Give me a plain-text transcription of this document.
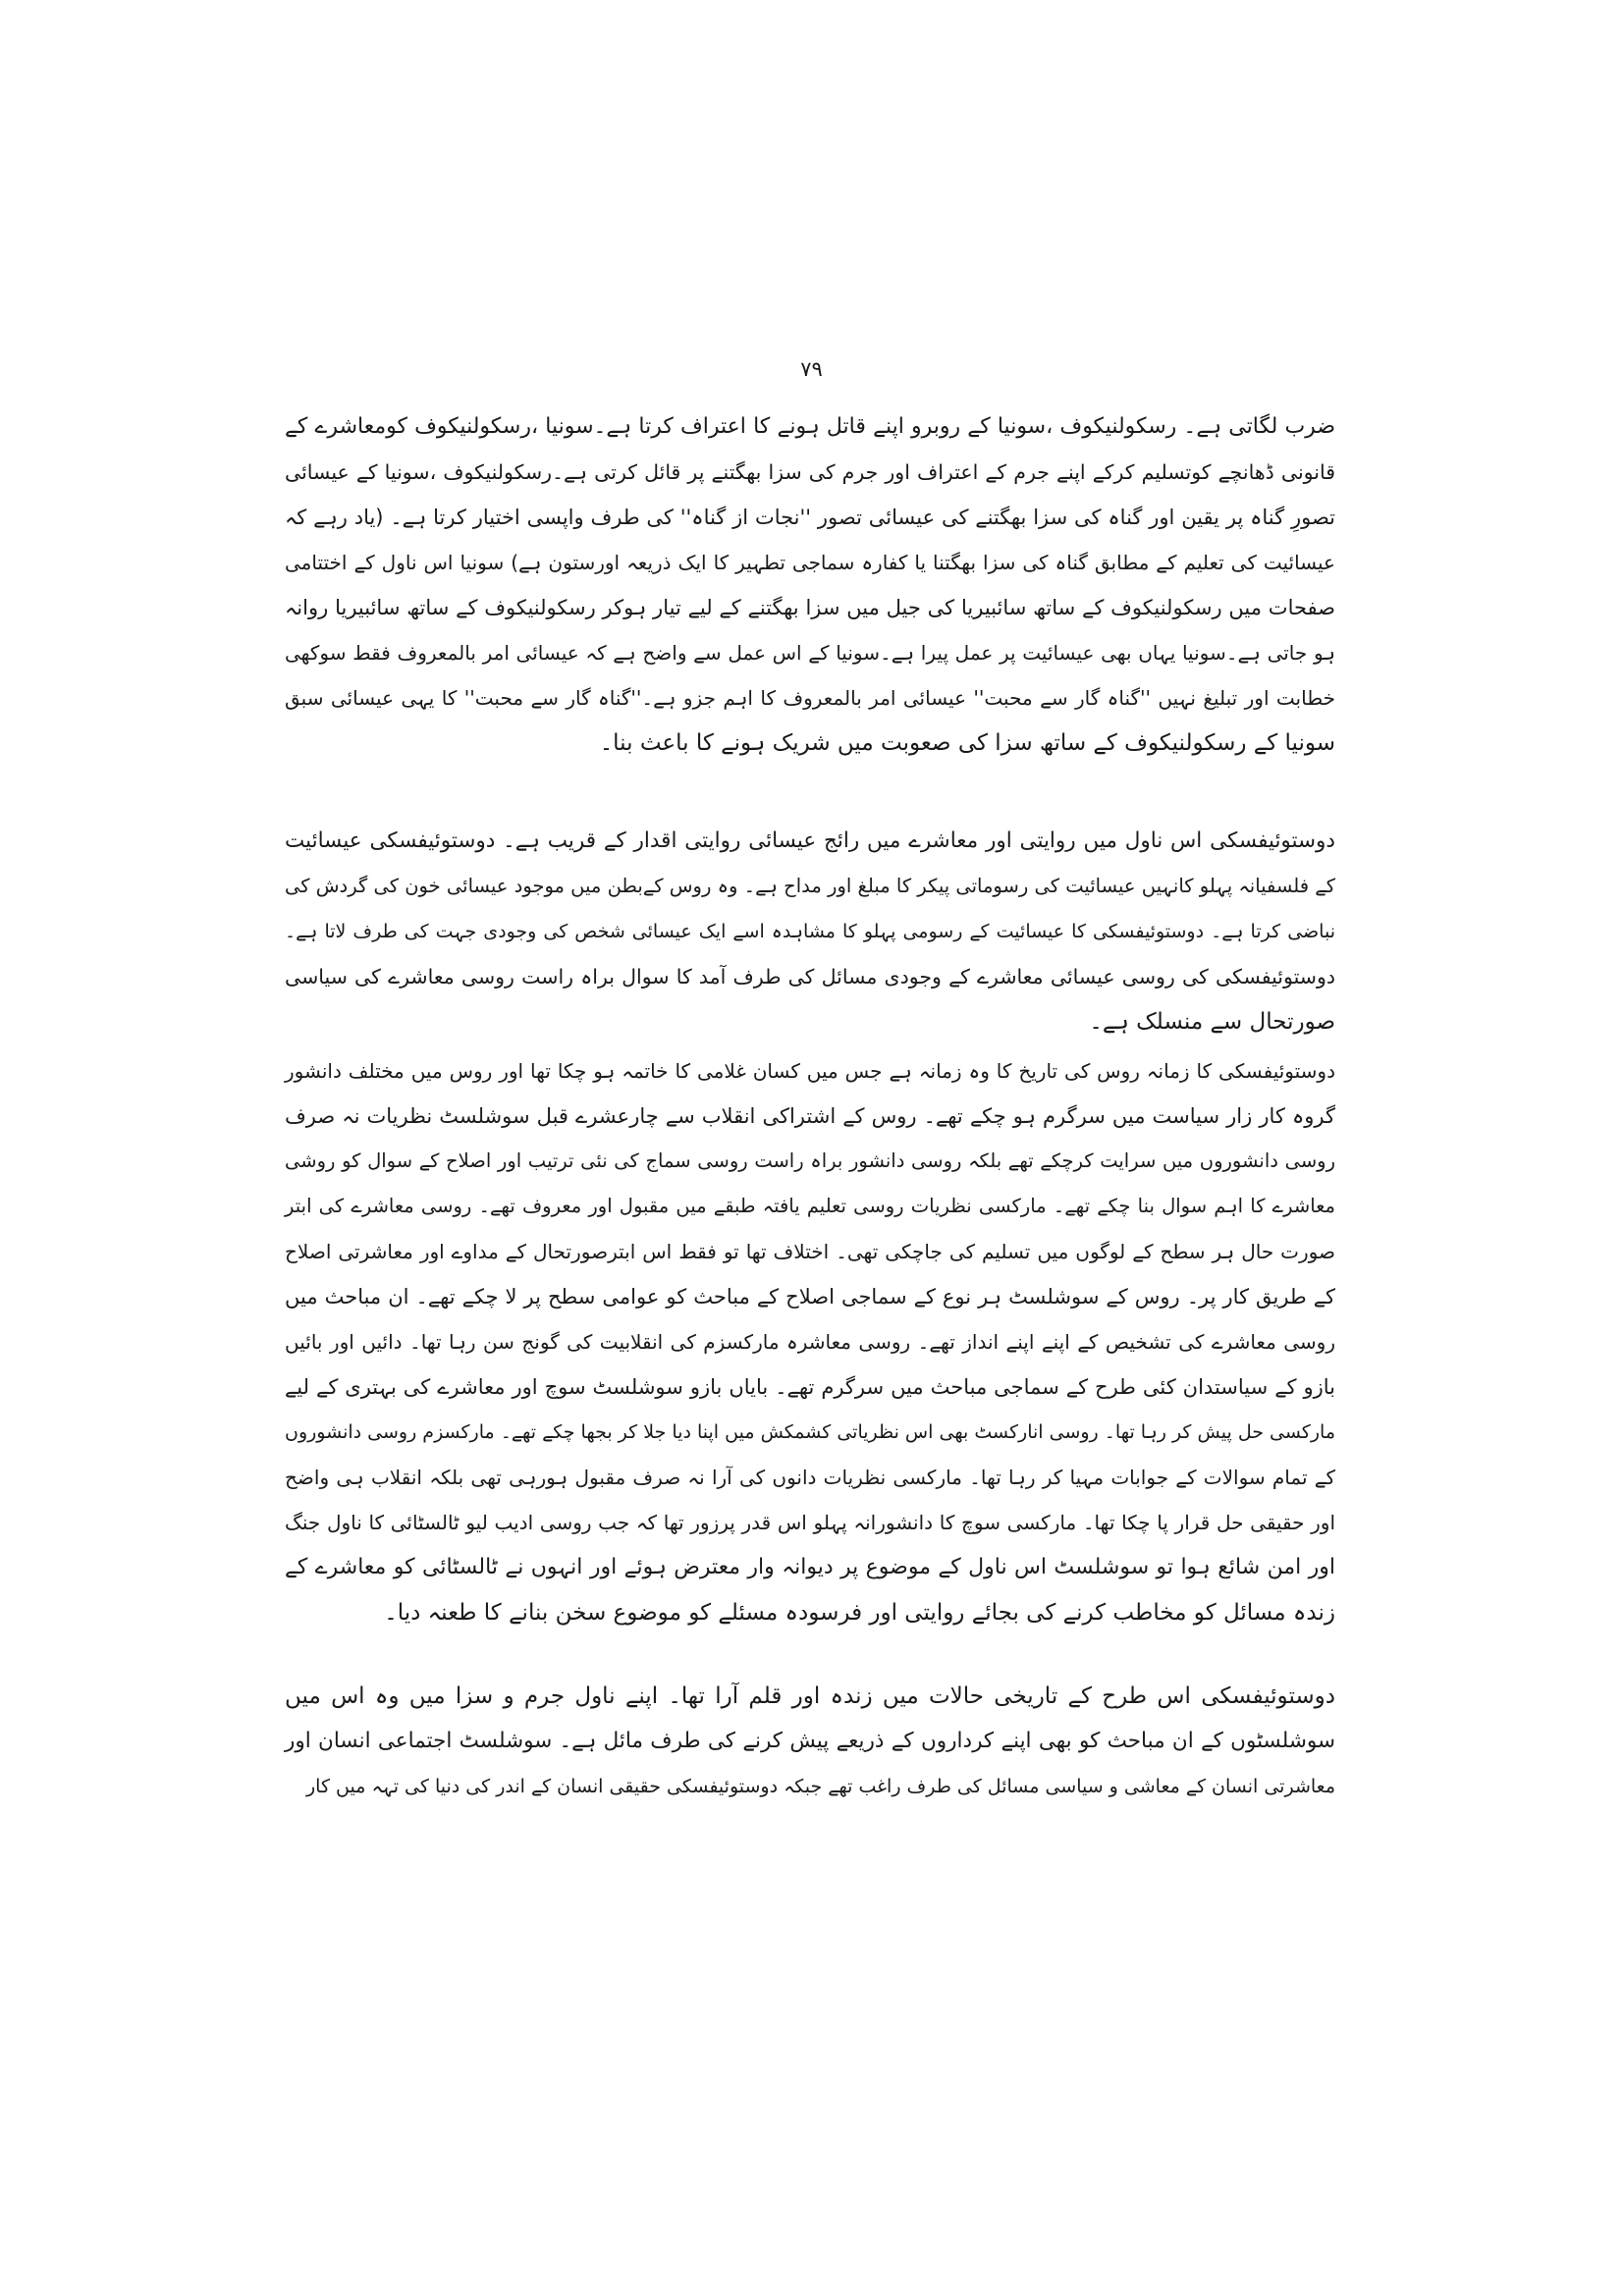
۷۹
ضرب لگاتی ہے۔ رسکولنیکوف ،سونیا کے روبرو اپنے قاتل ہونے کا اعتراف کرتا ہے۔سونیا ،رسکولنیکوف کومعاشرے کے
قانونی ڈھانچے کوتسلیم کرکے اپنے جرم کے اعتراف اور جرم کی سزا بھگتنے پر قائل کرتی ہے۔رسکولنیکوف ،سونیا کے عیسائی
تصورِ گناہ پر یقین اور گناہ کی سزا بھگتنے کی عیسائی تصور ''نجات از گناہ'' کی طرف واپسی اختیار کرتا ہے۔ (یاد رہے کہ
عیسائیت کی تعلیم کے مطابق گناہ کی سزا بھگتنا یا کفارہ سماجی تطہیر کا ایک ذریعہ اورستون ہے) سونیا اس ناول کے اختتامی
صفحات میں رسکولنیکوف کے ساتھ سائبیریا کی جیل میں سزا بھگتنے کے لیے تیار ہوکر رسکولنیکوف کے ساتھ سائبیریا روانہ
ہو جاتی ہے۔سونیا یہاں بھی عیسائیت پر عمل پیرا ہے۔سونیا کے اس عمل سے واضح ہے کہ عیسائی امر بالمعروف فقط سوکھی
خطابت اور تبلیغ نہیں ''گناہ گار سے محبت'' عیسائی امر بالمعروف کا اہم جزو ہے۔''گناہ گار سے محبت'' کا یہی عیسائی سبق
سونیا کے رسکولنیکوف کے ساتھ سزا کی صعوبت میں شریک ہونے کا باعث بنا۔
دوستوئیفسکی اس ناول میں روایتی اور معاشرے میں رائج عیسائی روایتی اقدار کے قریب ہے۔ دوستوئیفسکی عیسائیت
کے فلسفیانہ پہلو کانہیں عیسائیت کی رسوماتی پیکر کا مبلغ اور مداح ہے۔ وہ روس کےبطن میں موجود عیسائی خون کی گردش کی
نباضی کرتا ہے۔ دوستوئیفسکی کا عیسائیت کے رسومی پہلو کا مشاہدہ اسے ایک عیسائی شخص کی وجودی جہت کی طرف لاتا ہے۔
دوستوئیفسکی کی روسی عیسائی معاشرے کے وجودی مسائل کی طرف آمد کا سوال براہ راست روسی معاشرے کی سیاسی
صورتحال سے منسلک ہے۔
دوستوئیفسکی کا زمانہ روس کی تاریخ کا وہ زمانہ ہے جس میں کسان غلامی کا خاتمہ ہو چکا تھا اور روس میں مختلف دانشور
گروہ کار زار سیاست میں سرگرم ہو چکے تھے۔ روس کے اشتراکی انقلاب سے چارعشرے قبل سوشلسٹ نظریات نہ صرف
روسی دانشوروں میں سرایت کرچکے تھے بلکہ روسی دانشور براہ راست روسی سماج کی نئی ترتیب اور اصلاح کے سوال کو روشی
معاشرے کا اہم سوال بنا چکے تھے۔ مارکسی نظریات روسی تعلیم یافتہ طبقے میں مقبول اور معروف تھے۔ روسی معاشرے کی ابتر
صورت حال ہر سطح کے لوگوں میں تسلیم کی جاچکی تھی۔ اختلاف تھا تو فقط اس ابترصورتحال کے مداوے اور معاشرتی اصلاح
کے طریق کار پر۔ روس کے سوشلسٹ ہر نوع کے سماجی اصلاح کے مباحث کو عوامی سطح پر لا چکے تھے۔ ان مباحث میں
روسی معاشرے کی تشخیص کے اپنے اپنے انداز تھے۔ روسی معاشرہ مارکسزم کی انقلابیت کی گونج سن رہا تھا۔ دائیں اور بائیں
بازو کے سیاستدان کئی طرح کے سماجی مباحث میں سرگرم تھے۔ بایاں بازو سوشلسٹ سوچ اور معاشرے کی بہتری کے لیے
مارکسی حل پیش کر رہا تھا۔ روسی انارکسٹ بھی اس نظریاتی کشمکش میں اپنا دیا جلا کر بجھا چکے تھے۔ مارکسزم روسی دانشوروں
کے تمام سوالات کے جوابات مہیا کر رہا تھا۔ مارکسی نظریات دانوں کی آرا نہ صرف مقبول ہورہی تھی بلکہ انقلاب ہی واضح
اور حقیقی حل قرار پا چکا تھا۔ مارکسی سوچ کا دانشورانہ پہلو اس قدر پرزور تھا کہ جب روسی ادیب لیو ٹالسٹائی کا ناول جنگ
اور امن شائع ہوا تو سوشلسٹ اس ناول کے موضوع پر دیوانہ وار معترض ہوئے اور انہوں نے ٹالسٹائی کو معاشرے کے
زندہ مسائل کو مخاطب کرنے کی بجائے روایتی اور فرسودہ مسئلے کو موضوع سخن بنانے کا طعنہ دیا۔
دوستوئیفسکی اس طرح کے تاریخی حالات میں زندہ اور قلم آرا تھا۔ اپنے ناول جرم و سزا میں وہ اس میں
سوشلسٹوں کے ان مباحث کو بھی اپنے کرداروں کے ذریعے پیش کرنے کی طرف مائل ہے۔ سوشلسٹ اجتماعی انسان اور
معاشرتی انسان کے معاشی و سیاسی مسائل کی طرف راغب تھے جبکہ دوستوئیفسکی حقیقی انسان کے اندر کی دنیا کی تہہ میں کار
